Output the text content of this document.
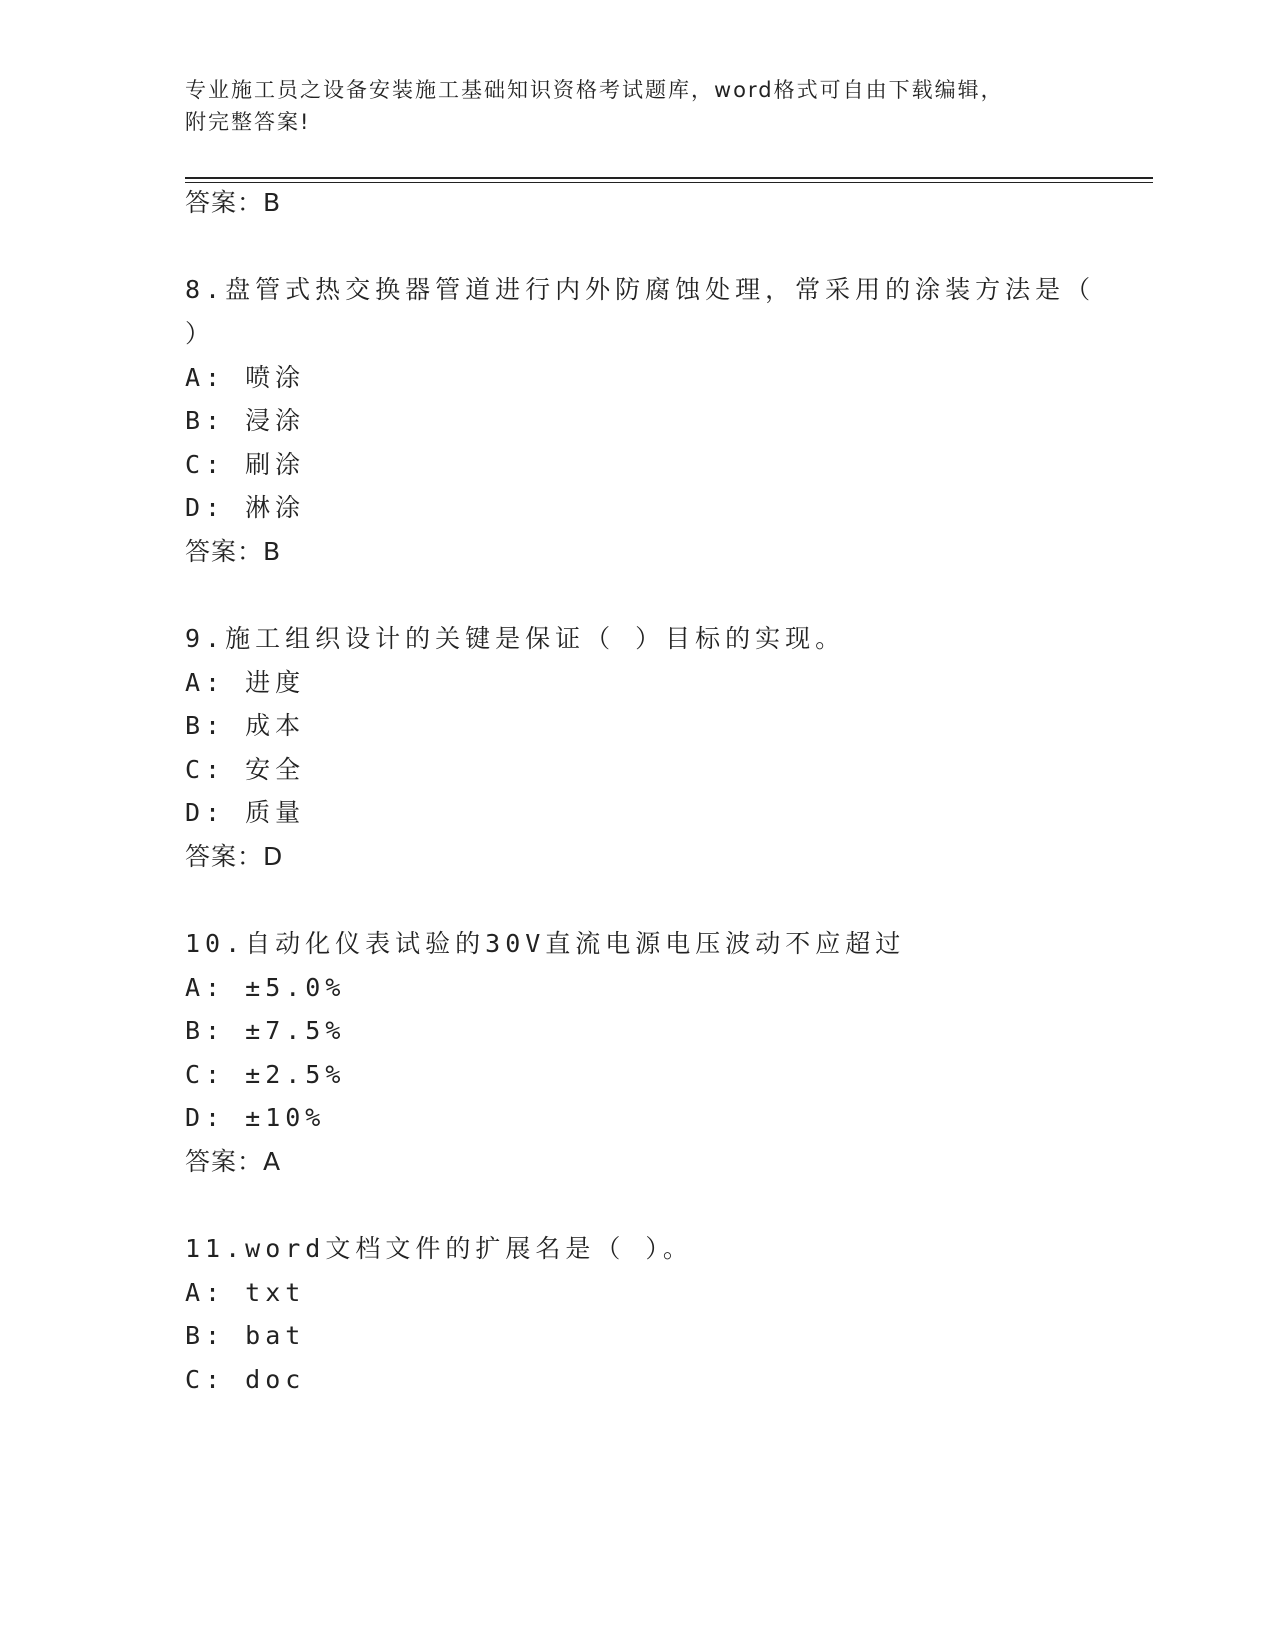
专业施工员之设备安装施工基础知识资格考试题库，word格式可自由下载编辑，
附完整答案!
答案：B
8.盘管式热交换器管道进行内外防腐蚀处理，常采用的涂装方法是（
）
A: 喷涂
B: 浸涂
C: 刷涂
D: 淋涂
答案：B
9.施工组织设计的关键是保证（ ）目标的实现。
A: 进度
B: 成本
C: 安全
D: 质量
答案：D
10.自动化仪表试验的30V直流电源电压波动不应超过
A: ±5.0%
B: ±7.5%
C: ±2.5%
D: ±10%
答案：A
11.word文档文件的扩展名是（ ）。
A: txt
B: bat
C: doc
